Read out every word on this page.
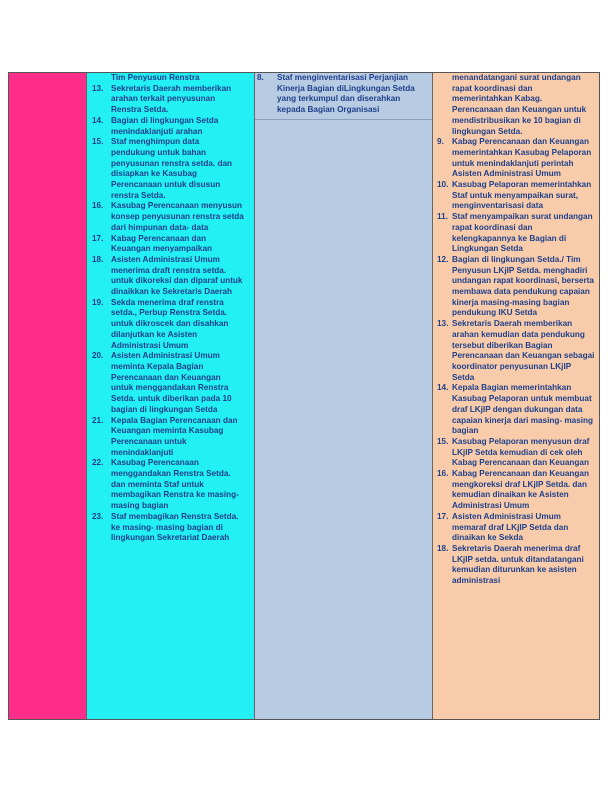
Tim Penyusun Renstra
13. Sekretaris Daerah memberikan arahan terkait penyusunan Renstra Setda.
14. Bagian di lingkungan Setda menindaklanjuti arahan
15. Staf menghimpun data pendukung untuk bahan penyusunan renstra setda. dan disiapkan ke Kasubag Perencanaan untuk disusun renstra Setda.
16. Kasubag Perencanaan menyusun konsep penyusunan renstra setda dari himpunan data- data
17. Kabag Perencanaan dan Keuangan menyampaikan
18. Asisten Administrasi Umum menerima draft renstra setda. untuk dikoreksi dan diparaf untuk dinaikkan ke Sekretaris Daerah
19. Sekda menerima draf renstra setda., Perbup Renstra Setda. untuk dikroscek dan disahkan dilanjutkan ke Asisten Administrasi Umum
20. Asisten Administrasi Umum meminta Kepala Bagian Perencanaan dan Keuangan untuk menggandakan Renstra Setda. untuk diberikan pada 10 bagian di lingkungan Setda
21. Kepala Bagian Perencanaan dan Keuangan meminta Kasubag Perencanaan untuk menindaklanjuti
22. Kasubag Perencanaan menggandakan Renstra Setda. dan meminta Staf untuk membagikan Renstra ke masing-masing bagian
23. Staf membagikan Renstra Setda. ke masing- masing bagian di lingkungan Sekretariat Daerah
8. Staf menginventarisasi Perjanjian Kinerja Bagian diLingkungan Setda yang terkumpul dan diserahkan kepada Bagian Organisasi
menandatangani surat undangan rapat koordinasi dan memerintahkan Kabag. Perencanaan dan Keuangan untuk mendistribusikan ke 10 bagian di lingkungan Setda.
9. Kabag Perencanaan dan Keuangan memerintahkan Kasubag Pelaporan untuk menindaklanjuti perintah Asisten Administrasi Umum
10. Kasubag Pelaporan memerintahkan Staf untuk menyampaikan surat, menginventarisasi data
11. Staf menyampaikan surat undangan rapat koordinasi dan kelengkapannya ke Bagian di Lingkungan Setda
12. Bagian di lingkungan Setda./ Tim Penyusun LKjIP Setda. menghadiri undangan rapat koordinasi, berserta membawa data pendukung capaian kinerja masing-masing bagian pendukung IKU Setda
13. Sekretaris Daerah memberikan arahan kemudian data pendukung tersebut diberikan Bagian Perencanaan dan Keuangan sebagai koordinator penyusunan LKjIP Setda
14. Kepala Bagian memerintahkan Kasubag Pelaporan untuk membuat draf LKjIP dengan dukungan data capaian kinerja dari masing- masing bagian
15. Kasubag Pelaporan menyusun draf LKjIP Setda kemudian di cek oleh Kabag Perencanaan dan Keuangan
16. Kabag Perencanaan dan Keuangan mengkoreksi draf LKjIP Setda. dan kemudian dinaikan ke Asisten Administrasi Umum
17. Asisten Administrasi Umum memaraf draf LKjIP Setda dan dinaikan ke Sekda
18. Sekretaris Daerah menerima draf LKjIP setda. untuk ditandatangani kemudian diturunkan ke asisten administrasi
